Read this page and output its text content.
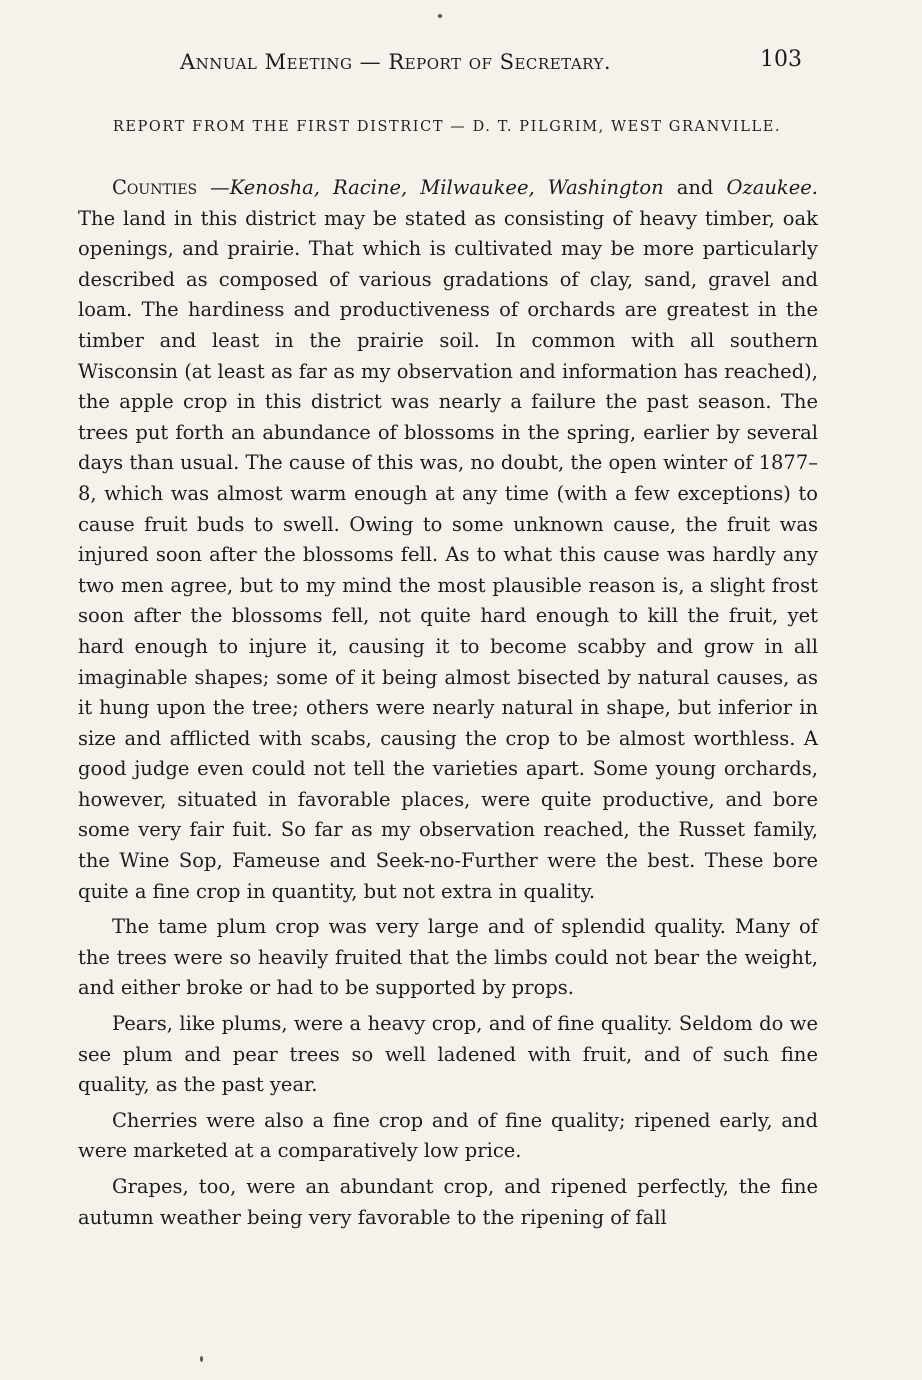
Annual Meeting — Report of Secretary.	103
REPORT FROM THE FIRST DISTRICT — D. T. PILGRIM, WEST GRANVILLE.

Counties —Kenosha, Racine, Milwaukee, Washington and Ozaukee. The land in this district may be stated as consisting of heavy timber, oak openings, and prairie. That which is cultivated may be more particularly described as composed of various gradations of clay, sand, gravel and loam. The hardiness and productiveness of orchards are greatest in the timber and least in the prairie soil. In common with all southern Wisconsin (at least as far as my observation and information has reached), the apple crop in this district was nearly a failure the past season. The trees put forth an abundance of blossoms in the spring, earlier by several days than usual. The cause of this was, no doubt, the open winter of 1877–8, which was almost warm enough at any time (with a few exceptions) to cause fruit buds to swell. Owing to some unknown cause, the fruit was injured soon after the blossoms fell. As to what this cause was hardly any two men agree, but to my mind the most plausible reason is, a slight frost soon after the blossoms fell, not quite hard enough to kill the fruit, yet hard enough to injure it, causing it to become scabby and grow in all imaginable shapes; some of it being almost bisected by natural causes, as it hung upon the tree; others were nearly natural in shape, but inferior in size and afflicted with scabs, causing the crop to be almost worthless. A good judge even could not tell the varieties apart. Some young orchards, however, situated in favorable places, were quite productive, and bore some very fair fuit. So far as my observation reached, the Russet family, the Wine Sop, Fameuse and Seek-no-Further were the best. These bore quite a fine crop in quantity, but not extra in quality.

The tame plum crop was very large and of splendid quality. Many of the trees were so heavily fruited that the limbs could not bear the weight, and either broke or had to be supported by props.

Pears, like plums, were a heavy crop, and of fine quality. Seldom do we see plum and pear trees so well ladened with fruit, and of such fine quality, as the past year.

Cherries were also a fine crop and of fine quality; ripened early, and were marketed at a comparatively low price.

Grapes, too, were an abundant crop, and ripened perfectly, the fine autumn weather being very favorable to the ripening of fall
